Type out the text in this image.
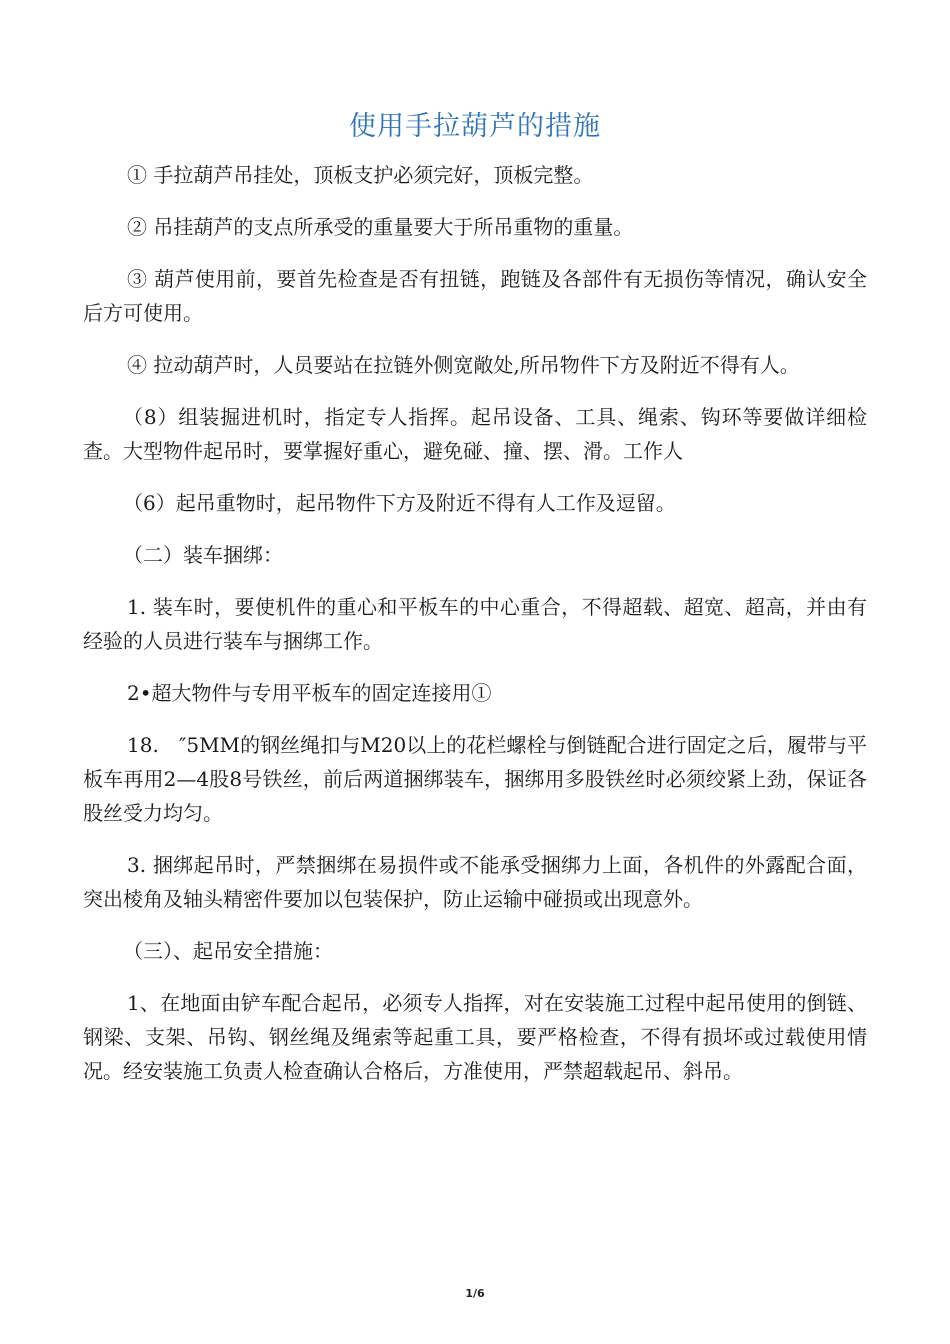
使用手拉葫芦的措施

① 手拉葫芦吊挂处，顶板支护必须完好，顶板完整。

② 吊挂葫芦的支点所承受的重量要大于所吊重物的重量。

③ 葫芦使用前，要首先检查是否有扭链，跑链及各部件有无损伤等情况，确认安全后方可使用。

④ 拉动葫芦时，人员要站在拉链外侧宽敞处,所吊物件下方及附近不得有人。

（8）组装掘进机时，指定专人指挥。起吊设备、工具、绳索、钩环等要做详细检查。大型物件起吊时，要掌握好重心，避免碰、撞、摆、滑。工作人

（6）起吊重物时，起吊物件下方及附近不得有人工作及逗留。

（二）装车捆绑：

1. 装车时，要使机件的重心和平板车的中心重合，不得超载、超宽、超高，并由有经验的人员进行装车与捆绑工作。

2•超大物件与专用平板车的固定连接用①

18.　″5MM的钢丝绳扣与M20以上的花栏螺栓与倒链配合进行固定之后，履带与平板车再用2—4股8号铁丝，前后两道捆绑装车，捆绑用多股铁丝时必须绞紧上劲，保证各股丝受力均匀。

3. 捆绑起吊时，严禁捆绑在易损件或不能承受捆绑力上面，各机件的外露配合面，突出棱角及轴头精密件要加以包装保护，防止运输中碰损或出现意外。

（三）、起吊安全措施：

1、在地面由铲车配合起吊，必须专人指挥，对在安装施工过程中起吊使用的倒链、钢梁、支架、吊钩、钢丝绳及绳索等起重工具，要严格检查，不得有损坏或过载使用情况。经安装施工负责人检查确认合格后，方准使用，严禁超载起吊、斜吊。

1/6
